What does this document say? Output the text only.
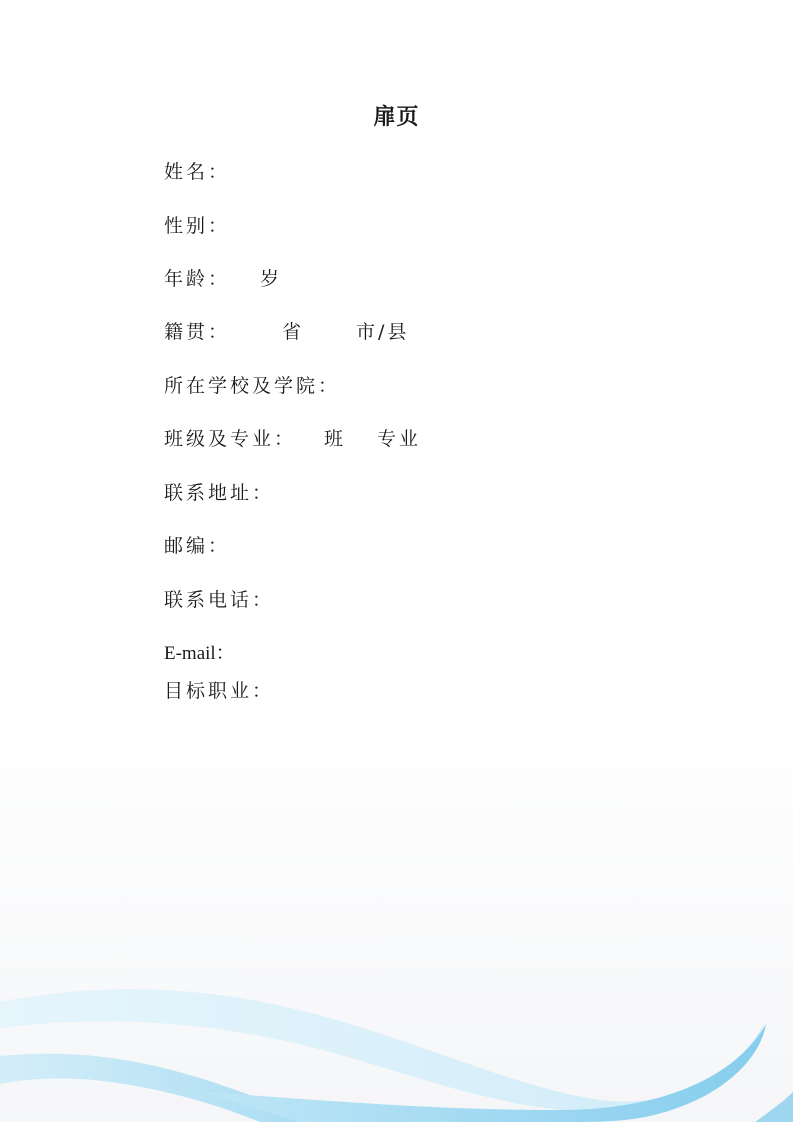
扉页
姓名：
性别：
年龄： 岁
籍贯：	省	市/县
所在学校及学院：
班级及专业： 班 专业
联系地址：
邮编：
联系电话：
E-mail：
目标职业：
